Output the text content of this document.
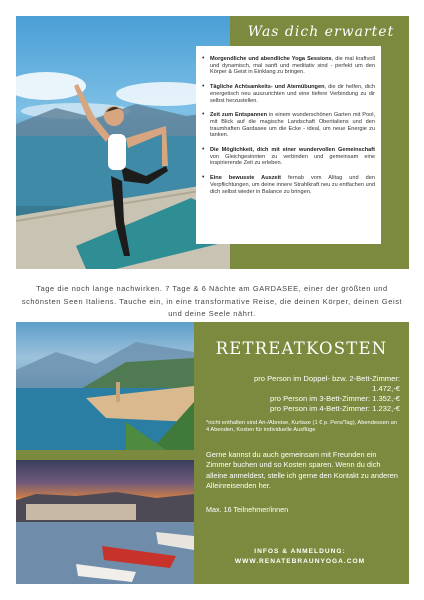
Was dich erwartet
• Morgendliche und abendliche Yoga Sessions, die mal kraftvoll und dynamisch, mal sanft und meditativ sind - perfekt um den Körper & Geist in Einklang zu bringen.
• Tägliche Achtsamkeits- und Atemübungen, die dir helfen, dich energetisch neu auszurichten und eine tiefere Verbindung zu dir selbst herzustellen.
• Zeit zum Entspannen in einem wunderschönen Garten mit Pool, mit Blick auf die magische Landschaft Oberitaliens und den traumhaften Gardasee um die Ecke - ideal, um neue Energie zu tanken.
• Die Möglichkeit, dich mit einer wundervollen Gemeinschaft von Gleichgesinnten zu verbinden und gemeinsam eine inspirierende Zeit zu erleben.
• Eine bewusste Auszeit fernab vom Alltag und den Verpflichtungen, um deine innere Strahlkraft neu zu entfachen und dich selbst wieder in Balance zu bringen.
Tage die noch lange nachwirken. 7 Tage & 6 Nächte am GARDASEE, einer der größten und schönsten Seen Italiens. Tauche ein, in eine transformative Reise, die deinen Körper, deinen Geist und deine Seele nährt.
RETREATKOSTEN
pro Person im Doppel- bzw. 2-Bett-Zimmer:
1.472,-€
pro Person im 3-Bett-Zimmer: 1.352,-€
pro Person im 4-Bett-Zimmer: 1.232,-€
*nicht enthalten sind An-/Abreise, Kurtaxe (1 € p. Pers/Tag), Abendessen an 4 Abenden, Kosten für individuelle Ausflüge
Gerne kannst du auch gemeinsam mit Freunden ein Zimmer buchen und so Kosten sparen. Wenn du dich alleine anmeldest, stelle ich gerne den Kontakt zu anderen Alleinreisenden her.
Max. 16 Teilnehmer/innen
INFOS & ANMELDUNG:
WWW.RENATEBRAUNYOGA.COM
